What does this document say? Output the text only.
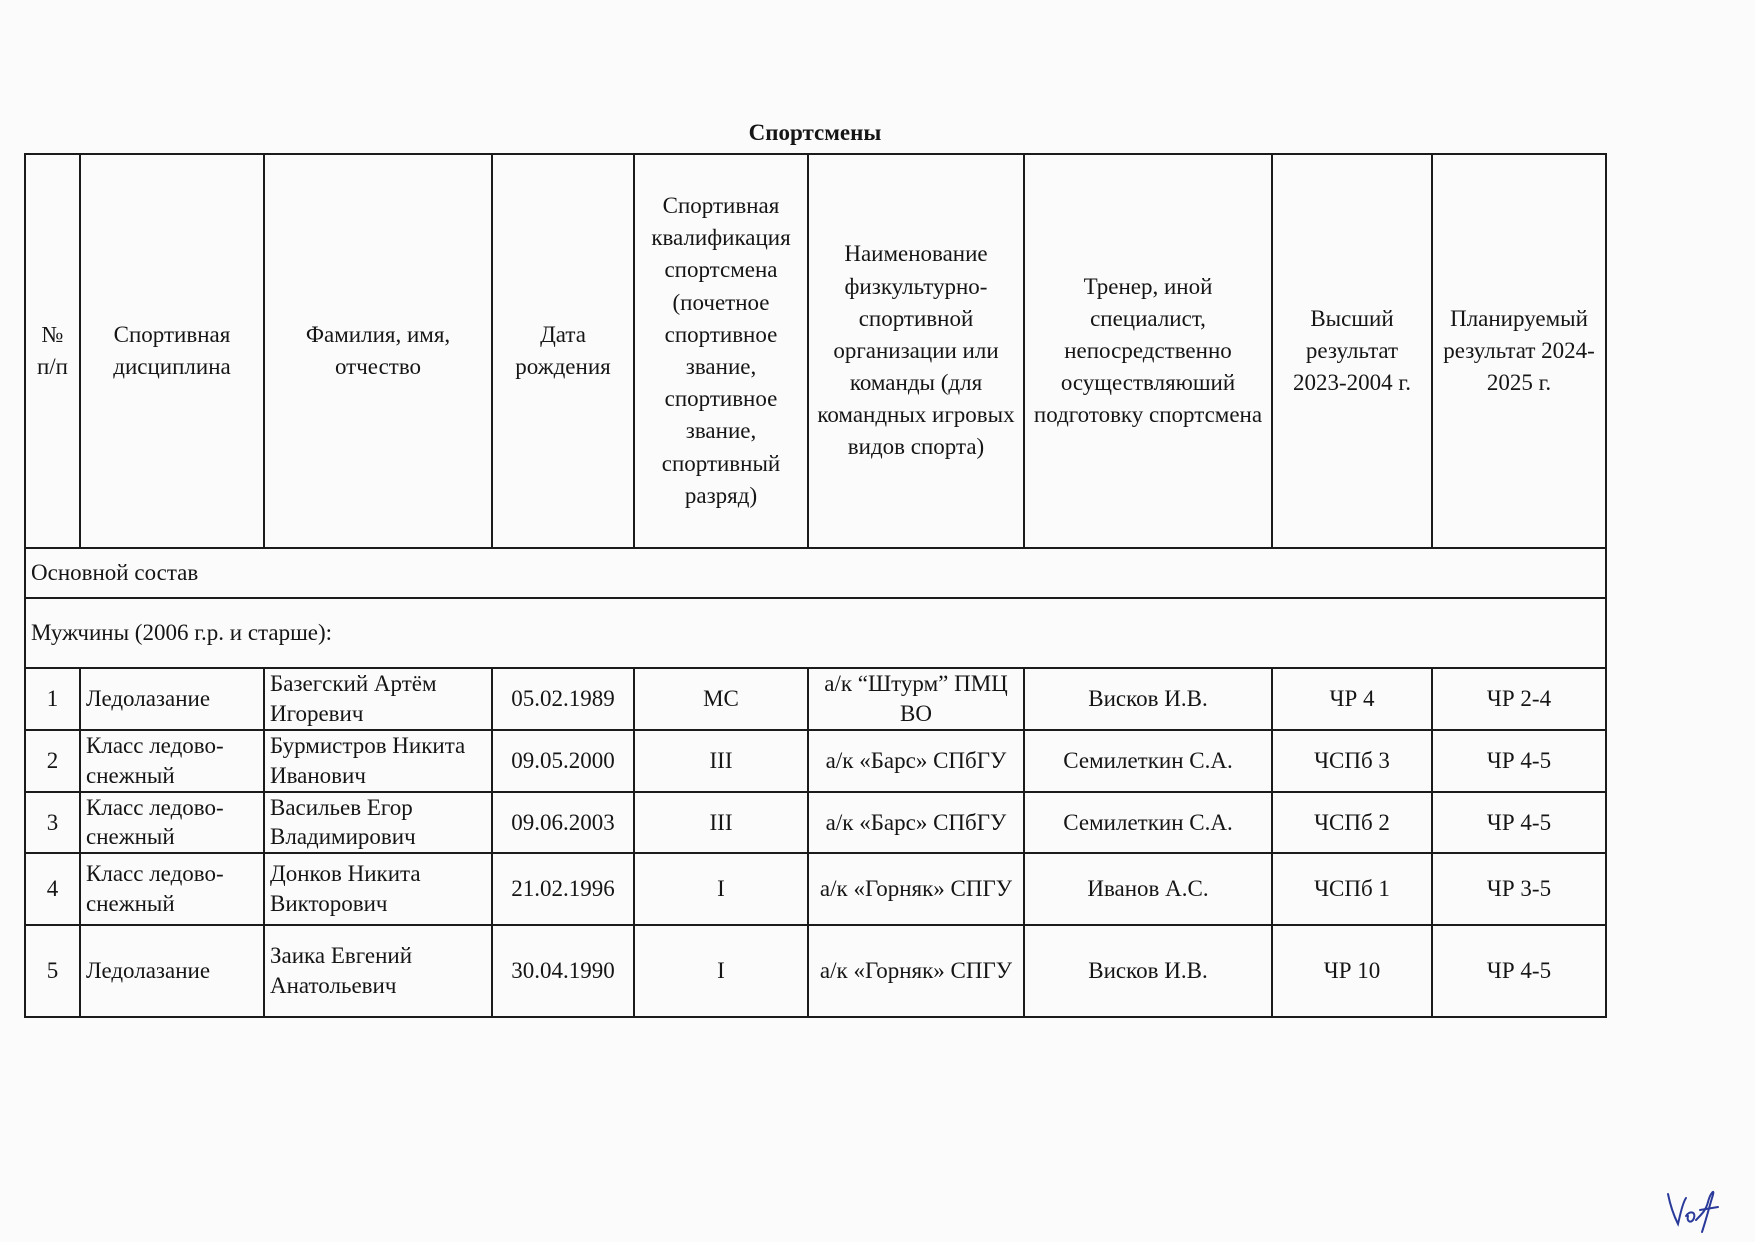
Спортсмены
№ п/п	Спортивная дисциплина	Фамилия, имя, отчество	Дата рождения	Спортивная квалификация спортсмена (почетное спортивное звание, спортивное звание, спортивный разряд)	Наименование физкультурно-спортивной организации или команды (для командных игровых видов спорта)	Тренер, иной специалист, непосредственно осуществляюший подготовку спортсмена	Высший результат 2023-2004 г.	Планируемый результат 2024-2025 г.
Основной состав								
Мужчины (2006 г.р. и старше):								
1	Ледолазание	Базегский Артём Игоревич	05.02.1989	МС	а/к “Штурм” ПМЦ ВО	Висков И.В.	ЧР 4	ЧР 2-4
2	Класс ледово-снежный	Бурмистров Никита Иванович	09.05.2000	III	а/к «Барс» СПбГУ	Семилеткин С.А.	ЧСПб 3	ЧР 4-5
3	Класс ледово-снежный	Васильев Егор Владимирович	09.06.2003	III	а/к «Барс» СПбГУ	Семилеткин С.А.	ЧСПб 2	ЧР 4-5
4	Класс ледово-снежный	Донков Никита Викторович	21.02.1996	I	а/к «Горняк» СПГУ	Иванов А.С.	ЧСПб 1	ЧР 3-5
5	Ледолазание	Заика Евгений Анатольевич	30.04.1990	I	а/к «Горняк» СПГУ	Висков И.В.	ЧР 10	ЧР 4-5
